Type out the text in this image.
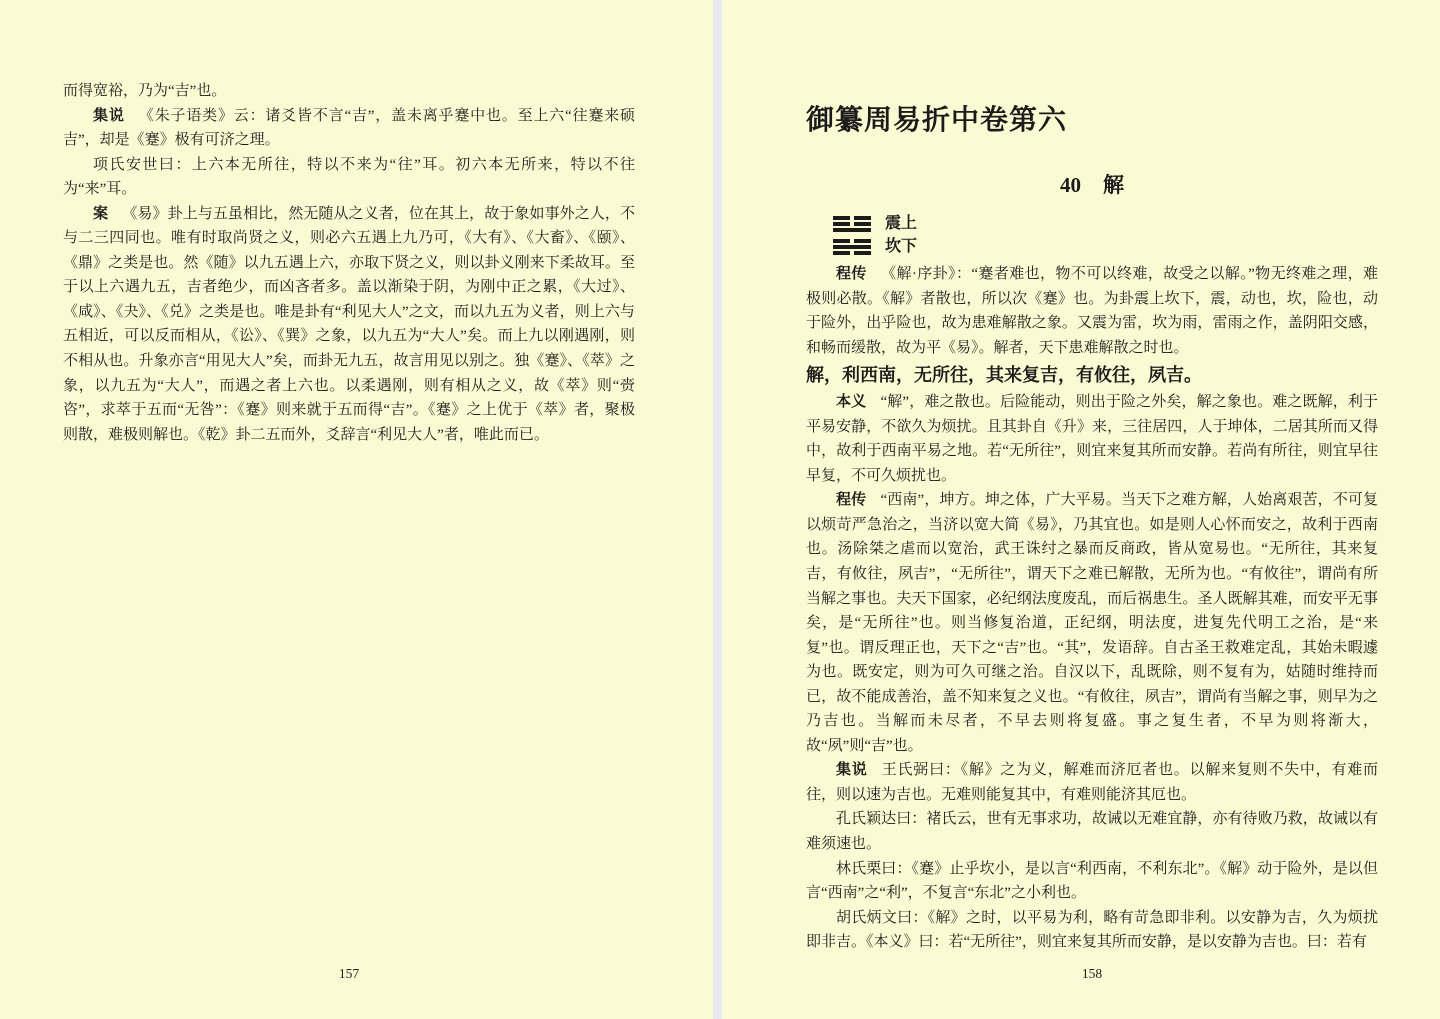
而得宽裕，乃为“吉”也。

集说 《朱子语类》云：诸爻皆不言“吉”，盖未离乎蹇中也。至上六“往蹇来硕吉”，却是《蹇》极有可济之理。

项氏安世曰：上六本无所往，特以不来为“往”耳。初六本无所来，特以不往为“来”耳。

案 《易》卦上与五虽相比，然无随从之义者，位在其上，故于象如事外之人，不与二三四同也。唯有时取尚贤之义，则必六五遇上九乃可，《大有》、《大畜》、《颐》、《鼎》之类是也。然《随》以九五遇上六，亦取下贤之义，则以卦义刚来下柔故耳。至于以上六遇九五，吉者绝少，而凶吝者多。盖以渐染于阴，为刚中正之累，《大过》、《咸》、《夬》、《兑》之类是也。唯是卦有“利见大人”之文，而以九五为义者，则上六与五相近，可以反而相从，《讼》、《巽》之象，以九五为“大人”矣。而上九以刚遇刚，则不相从也。升象亦言“用见大人”矣，而卦无九五，故言用见以别之。独《蹇》、《萃》之象，以九五为“大人”，而遇之者上六也。以柔遇刚，则有相从之义，故《萃》则“赍咨”，求萃于五而“无咎”：《蹇》则来就于五而得“吉”。《蹇》之上优于《萃》者，聚极则散，难极则解也。《乾》卦二五而外，爻辞言“利见大人”者，唯此而已。

御纂周易折中卷第六
40 解
震上
坎下

程传 《解·序卦》：“蹇者难也，物不可以终难，故受之以解。”物无终难之理，难极则必散。《解》者散也，所以次《蹇》也。为卦震上坎下，震，动也，坎，险也，动于险外，出乎险也，故为患难解散之象。又震为雷，坎为雨，雷雨之作，盖阴阳交感，和畅而缓散，故为平《易》。解者，天下患难解散之时也。

解，利西南，无所往，其来复吉，有攸往，夙吉。

本义 “解”，难之散也。后险能动，则出于险之外矣，解之象也。难之既解，利于平易安静，不欲久为烦扰。且其卦自《升》来，三往居四，人于坤体，二居其所而又得中，故利于西南平易之地。若“无所往”，则宜来复其所而安静。若尚有所往，则宜早往早复，不可久烦扰也。

程传 “西南”，坤方。坤之体，广大平易。当天下之难方解，人始离艰苦，不可复以烦苛严急治之，当济以宽大简《易》，乃其宜也。如是则人心怀而安之，故利于西南也。汤除桀之虐而以宽治，武王诛纣之暴而反商政，皆从宽易也。“无所往，其来复吉，有攸往，夙吉”，“无所往”，谓天下之难已解散，无所为也。“有攸往”，谓尚有所当解之事也。夫天下国家，必纪纲法度废乱，而后祸患生。圣人既解其难，而安平无事矣，是“无所往”也。则当修复治道，正纪纲，明法度，进复先代明工之治，是“来复”也。谓反理正也，天下之“吉”也。“其”，发语辞。自古圣王救难定乱，其始未暇遽为也。既安定，则为可久可继之治。自汉以下，乱既除，则不复有为，姑随时维持而已，故不能成善治，盖不知来复之义也。“有攸往，夙吉”，谓尚有当解之事，则早为之乃吉也。当解而未尽者，不早去则将复盛。事之复生者，不早为则将渐大，故“夙”则“吉”也。

集说 王氏弼曰：《解》之为义，解难而济厄者也。以解来复则不失中，有难而往，则以速为吉也。无难则能复其中，有难则能济其厄也。

孔氏颖达曰：褚氏云，世有无事求功，故诫以无难宜静，亦有待败乃救，故诫以有难须速也。

林氏栗曰：《蹇》止乎坎小，是以言“利西南，不利东北”。《解》动于险外，是以但言“西南”之“利”，不复言“东北”之小利也。

胡氏炳文曰：《解》之时，以平易为利，略有苛急即非利。以安静为吉，久为烦扰即非吉。《本义》曰：若“无所往”，则宜来复其所而安静，是以安静为吉也。曰：若有

157	158
